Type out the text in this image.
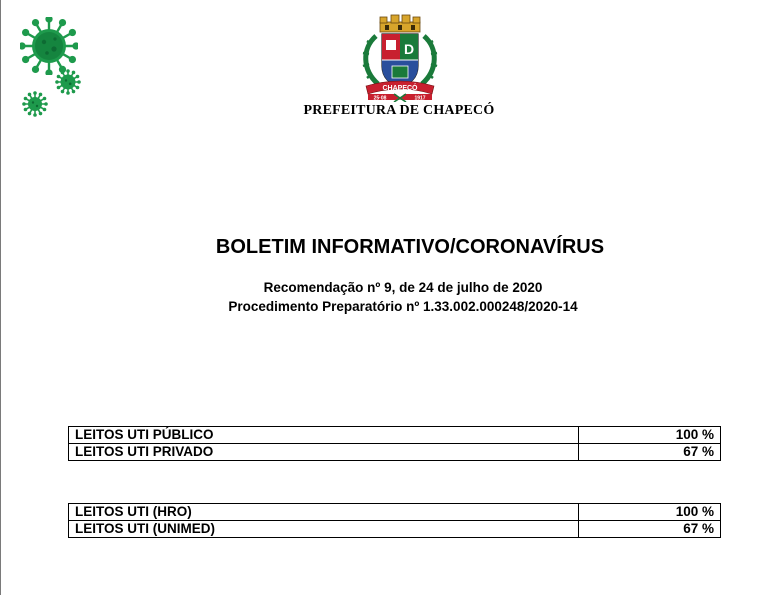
D
CHAPECÓ
25·08	1917
PREFEITURA DE CHAPECÓ
BOLETIM INFORMATIVO/CORONAVÍRUS
Recomendação nº 9, de 24 de julho de 2020
Procedimento Preparatório nº 1.33.002.000248/2020-14
LEITOS UTI PÚBLICO	100 %
LEITOS UTI PRIVADO	67 %
LEITOS UTI (HRO)	100 %
LEITOS UTI (UNIMED)	67 %
